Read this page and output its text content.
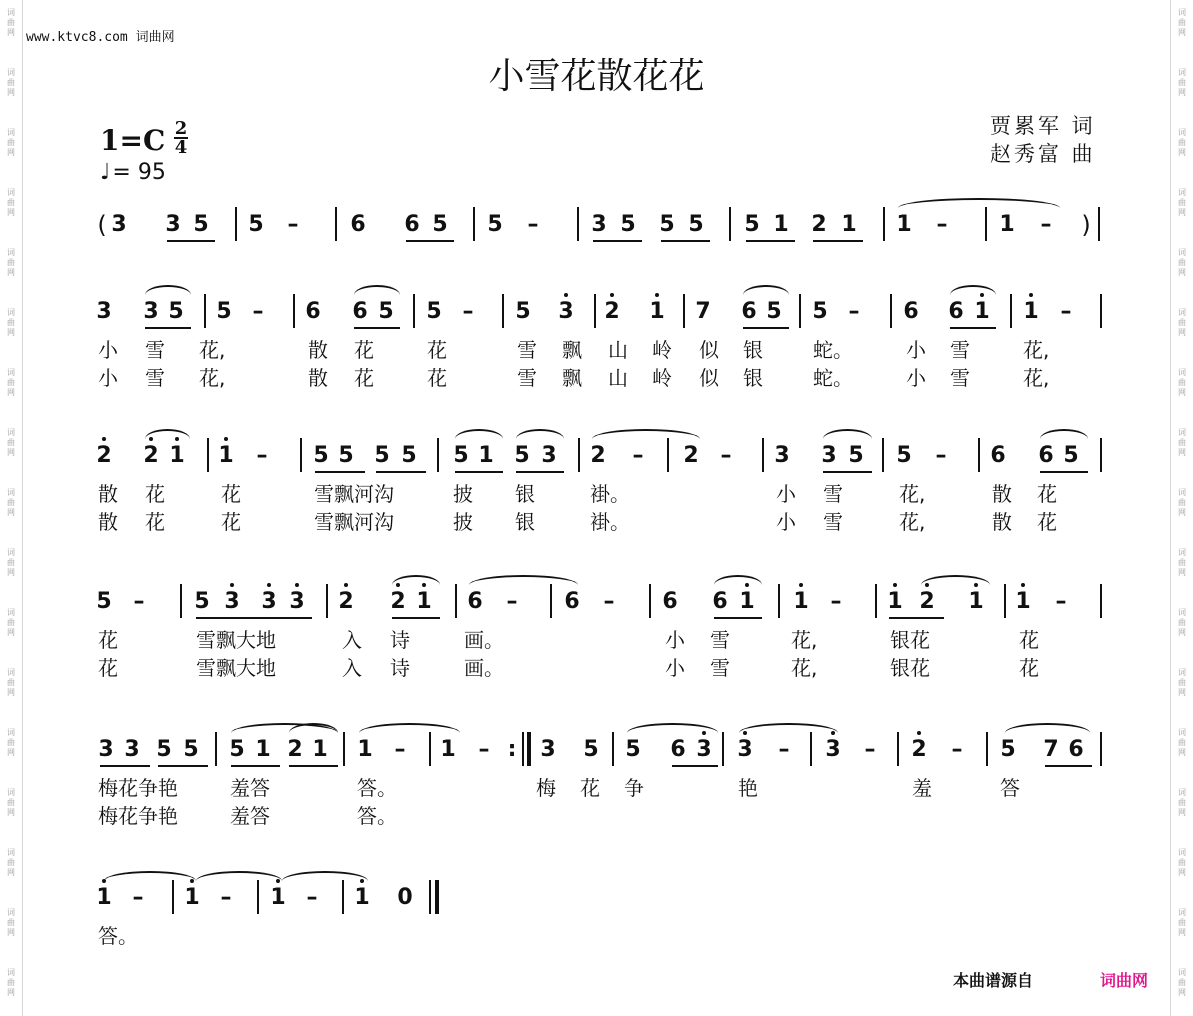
词
曲
网
词
曲
网
词
曲
网
词
曲
网
词
曲
网
词
曲
网
词
曲
网
词
曲
网
词
曲
网
词
曲
网
词
曲
网
词
曲
网
词
曲
网
词
曲
网
词
曲
网
词
曲
网
词
曲
网
词
曲
网
词
曲
网
词
曲
网
词
曲
网
词
曲
网
词
曲
网
词
曲
网
词
曲
网
词
曲
网
词
曲
网
词
曲
网
词
曲
网
词
曲
网
词
曲
网
词
曲
网
词
曲
网
词
曲
网
www.ktvc8.com 词曲网
小雪花散花花
贾累军 词
赵秀富 曲
1=C 2
4
♩= 95
( 3 3 5 5 – 6 6 5 5 – 3 5 5 5 5 1 2 1 1 – 1 – )
3 3 5 5 – 6 6 5 5 – 5 3 2 1 7 6 5 5 – 6 6 1 1 –
小 雪 花,	散 花	花	雪 飘 山 岭 似 银	蛇。	小 雪	花,
小 雪 花,	散 花	花	雪 飘 山 岭 似 银	蛇。	小 雪	花,
2 2 1 1 – 5 5 5 5 5 1 5 3 2 – 2 – 3 3 5 5 – 6 6 5
散 花	花	雪飘河沟	披 银	褂。	小 雪	花,	散 花
散 花	花	雪飘河沟	披 银	褂。	小 雪	花,	散 花
5 – 5 3 3 3 2 2 1 6 – 6 – 6 6 1 1 – 1 2 1 1 –
花	雪飘大地	入 诗	画。	小 雪	花,	银花	花
花	雪飘大地	入 诗	画。	小 雪	花,	银花	花
3 3 5 5 5 1 2 1 1 – 1 – : 3 5 5 6 3 3 – 3 – 2 – 5 7 6
梅花争艳	羞答	答。	梅 花 争	艳	羞	答
梅花争艳	羞答	答。
1 – 1 – 1 – 1 0
答。
本曲谱源自	词曲网
